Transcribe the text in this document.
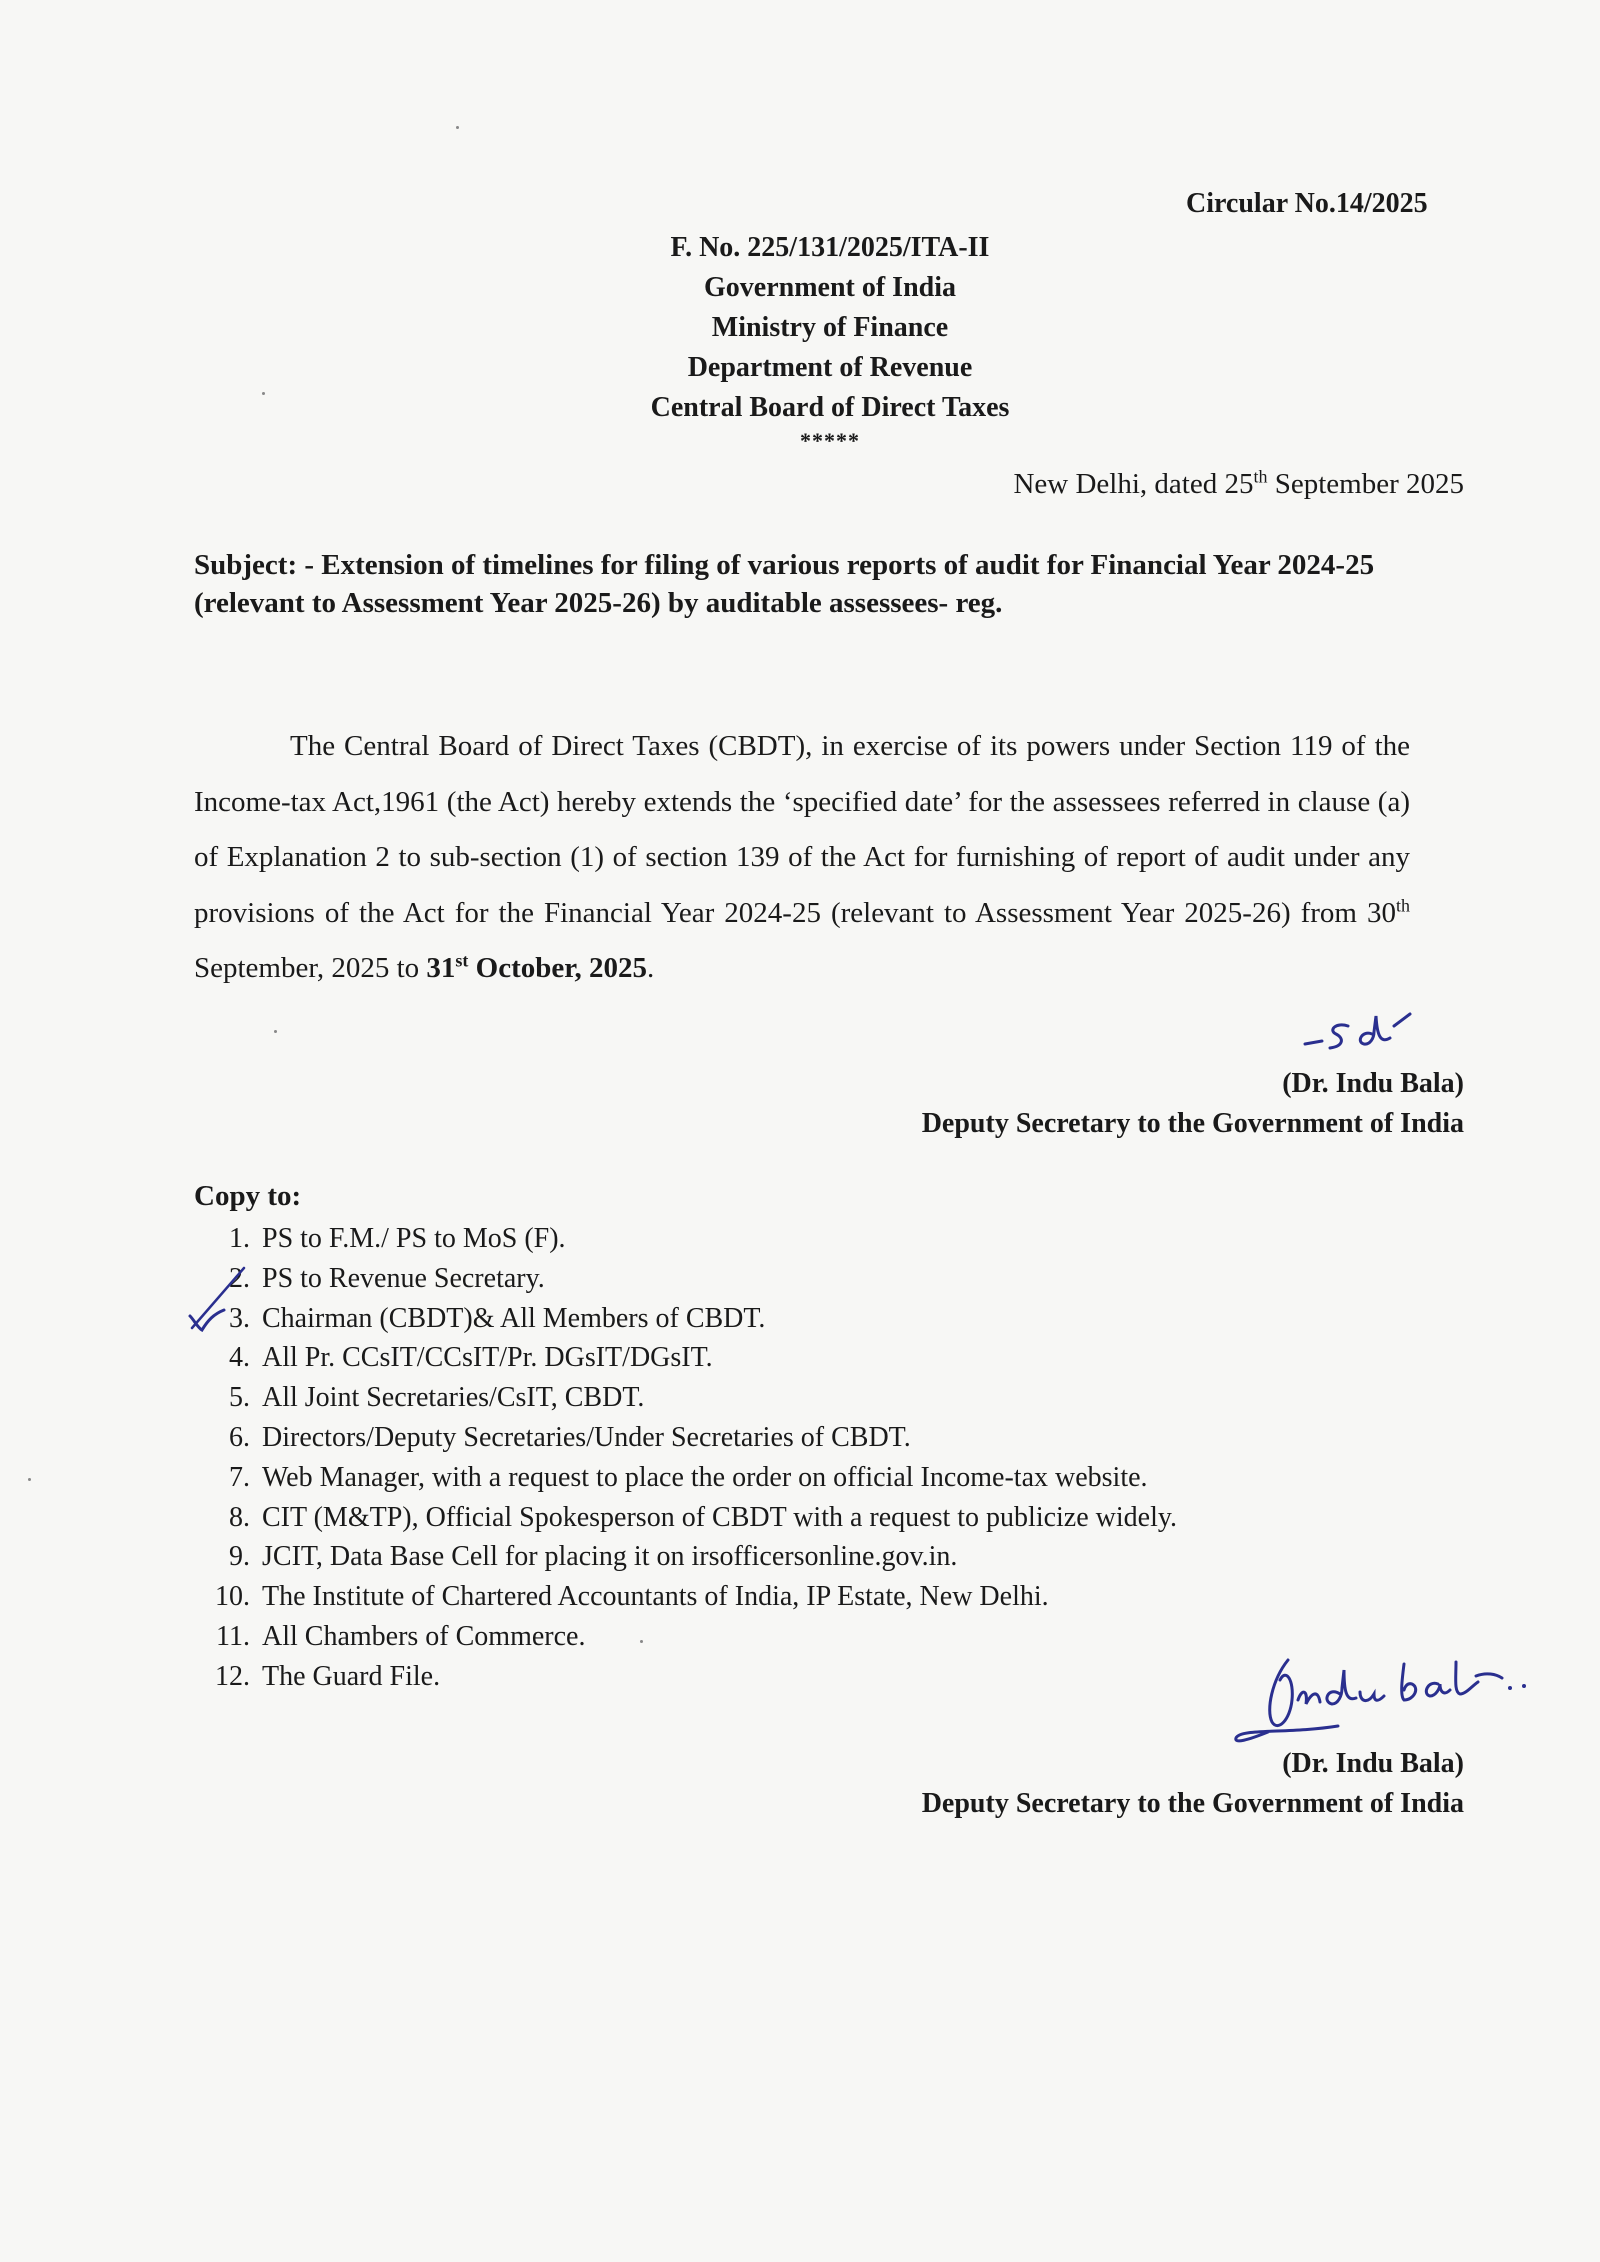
Circular No.14/2025
F. No. 225/131/2025/ITA-II
Government of India
Ministry of Finance
Department of Revenue
Central Board of Direct Taxes
*****
New Delhi, dated 25th September 2025
Subject: - Extension of timelines for filing of various reports of audit for Financial Year 2024-25 (relevant to Assessment Year 2025-26) by auditable assessees- reg.
The Central Board of Direct Taxes (CBDT), in exercise of its powers under Section 119 of the Income-tax Act,1961 (the Act) hereby extends the ‘specified date’ for the assessees referred in clause (a) of Explanation 2 to sub-section (1) of section 139 of the Act for furnishing of report of audit under any provisions of the Act for the Financial Year 2024-25 (relevant to Assessment Year 2025-26) from 30th September, 2025 to 31st October, 2025.
(Dr. Indu Bala)
Deputy Secretary to the Government of India
Copy to:
1. PS to F.M./ PS to MoS (F).
2. PS to Revenue Secretary.
3. Chairman (CBDT)& All Members of CBDT.
4. All Pr. CCsIT/CCsIT/Pr. DGsIT/DGsIT.
5. All Joint Secretaries/CsIT, CBDT.
6. Directors/Deputy Secretaries/Under Secretaries of CBDT.
7. Web Manager, with a request to place the order on official Income-tax website.
8. CIT (M&TP), Official Spokesperson of CBDT with a request to publicize widely.
9. JCIT, Data Base Cell for placing it on irsofficersonline.gov.in.
10. The Institute of Chartered Accountants of India, IP Estate, New Delhi.
11. All Chambers of Commerce.
12. The Guard File.
(Dr. Indu Bala)
Deputy Secretary to the Government of India
